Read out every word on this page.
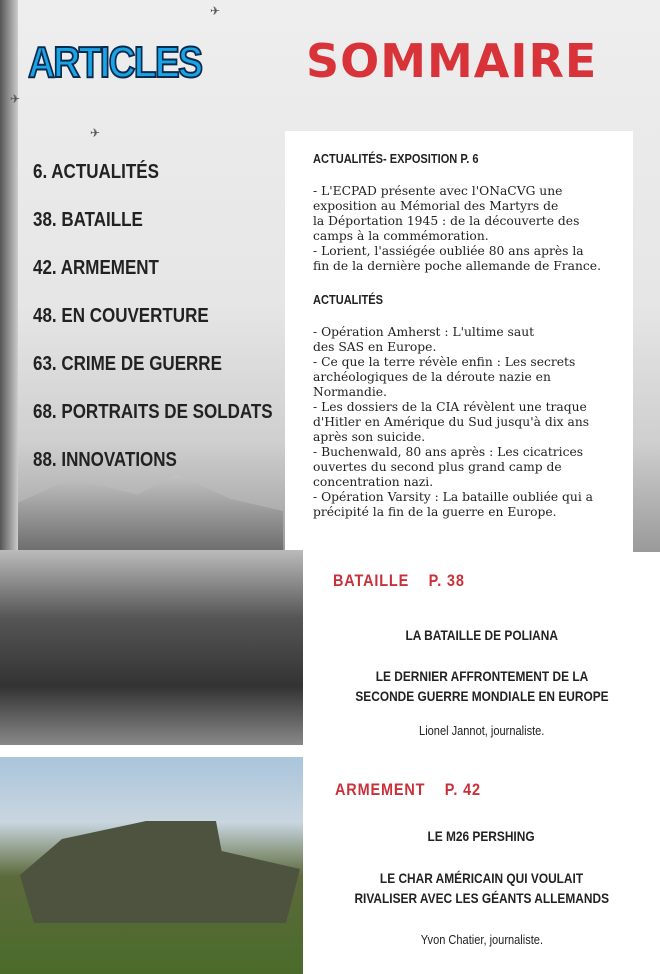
✈
✈
✈
ARTICLES SOMMAIRE
6. ACTUALITÉS
38. BATAILLE
42. ARMEMENT
48. EN COUVERTURE
63. CRIME DE GUERRE
68. PORTRAITS DE SOLDATS
88. INNOVATIONS
ACTUALITÉS- EXPOSITION P. 6

- L'ECPAD présente avec l'ONaCVG une
exposition au Mémorial des Martyrs de
la Déportation 1945 : de la découverte des
camps à la commémoration.
- Lorient, l'assiégée oubliée 80 ans après la
fin de la dernière poche allemande de France.

ACTUALITÉS

- Opération Amherst : L'ultime saut
des SAS en Europe.
- Ce que la terre révèle enfin : Les secrets
archéologiques de la déroute nazie en
Normandie.
- Les dossiers de la CIA révèlent une traque
d'Hitler en Amérique du Sud jusqu'à dix ans
après son suicide.
- Buchenwald, 80 ans après : Les cicatrices
ouvertes du second plus grand camp de
concentration nazi.
- Opération Varsity : La bataille oubliée qui a
précipité la fin de la guerre en Europe.

BATAILLE P. 38
LA BATAILLE DE POLIANA
LE DERNIER AFFRONTEMENT DE LA
SECONDE GUERRE MONDIALE EN EUROPE
Lionel Jannot, journaliste.
ARMEMENT P. 42
LE M26 PERSHING
LE CHAR AMÉRICAIN QUI VOULAIT
RIVALISER AVEC LES GÉANTS ALLEMANDS
Yvon Chatier, journaliste.
